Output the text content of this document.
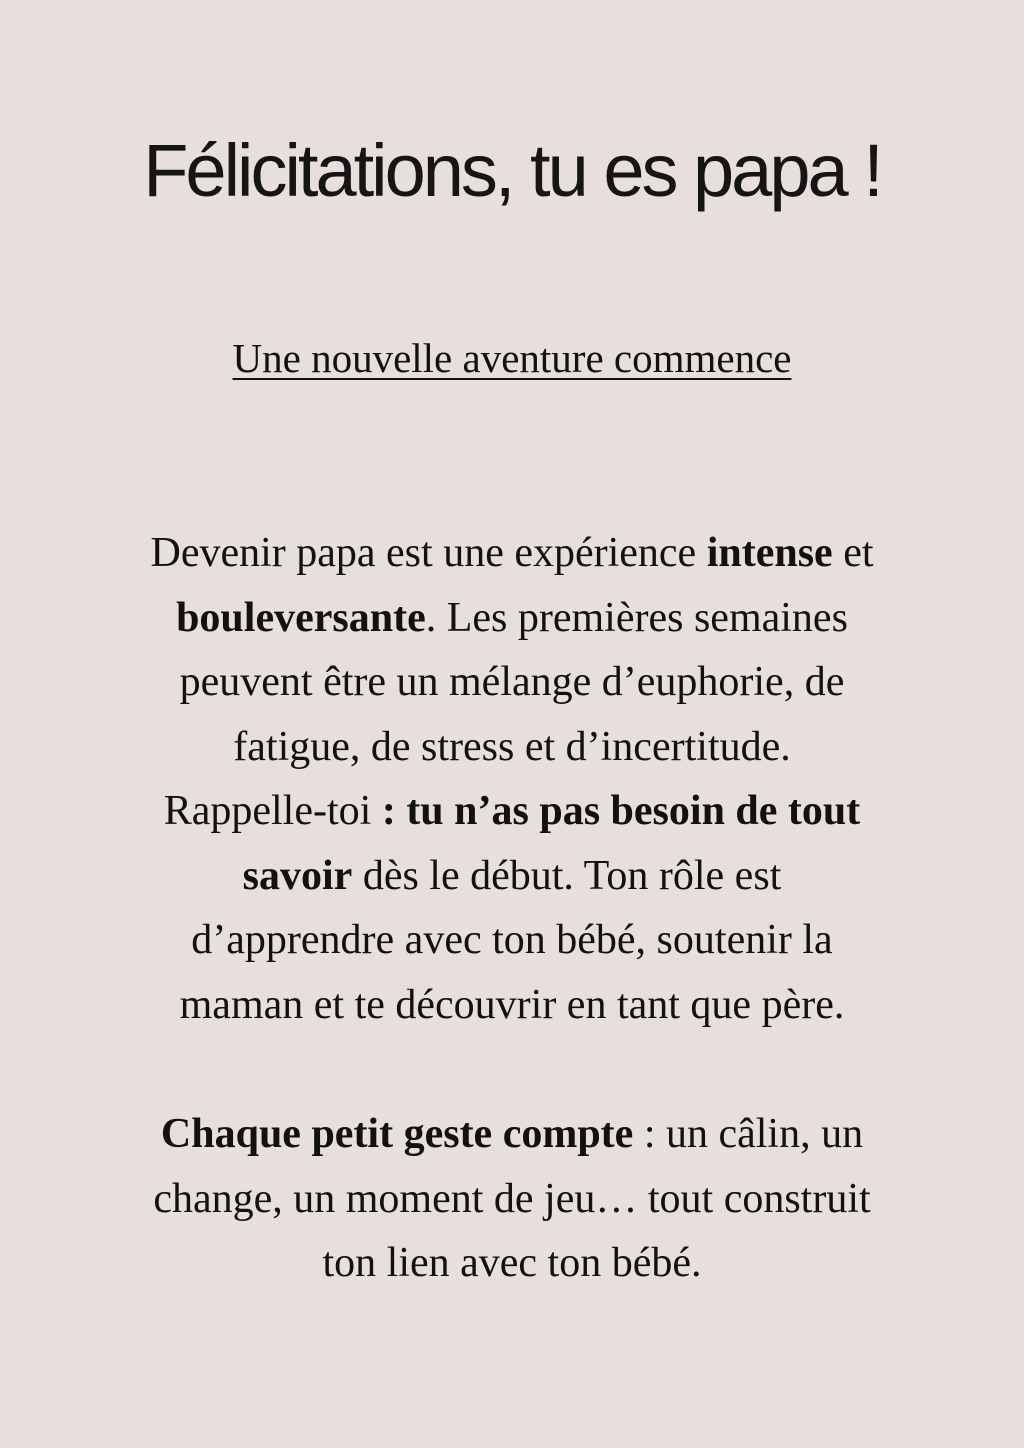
Félicitations, tu es papa !
Une nouvelle aventure commence
Devenir papa est une expérience intense et
bouleversante. Les premières semaines
peuvent être un mélange d’euphorie, de
fatigue, de stress et d’incertitude.
Rappelle-toi : tu n’as pas besoin de tout
savoir dès le début. Ton rôle est
d’apprendre avec ton bébé, soutenir la
maman et te découvrir en tant que père.
Chaque petit geste compte : un câlin, un
change, un moment de jeu… tout construit
ton lien avec ton bébé.
